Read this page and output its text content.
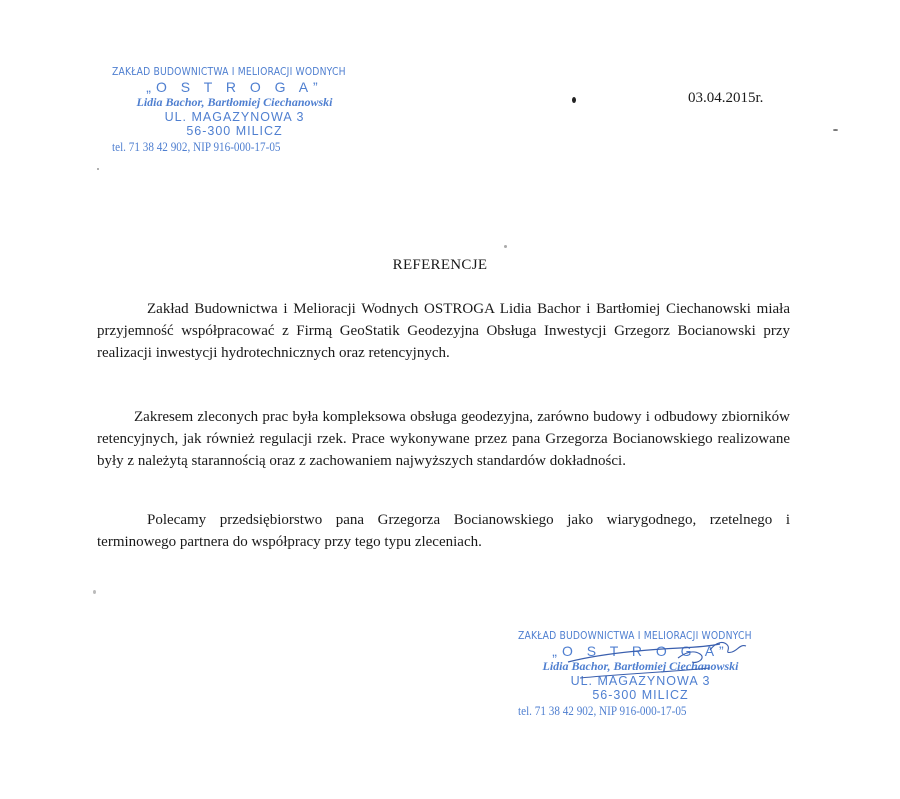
ZAKŁAD BUDOWNICTWA I MELIORACJI WODNYCH
„O S T R O G A”
Lidia Bachor, Bartłomiej Ciechanowski
UL. MAGAZYNOWA 3
56-300 MILICZ
tel. 71 38 42 902, NIP 916-000-17-05
03.04.2015r.
REFERENCJE
Zakład Budownictwa i Melioracji Wodnych OSTROGA Lidia Bachor i Bartłomiej Ciechanowski miała przyjemność współpracować z Firmą GeoStatik Geodezyjna Obsługa Inwestycji Grzegorz Bocianowski przy realizacji inwestycji hydrotechnicznych oraz retencyjnych.
Zakresem zleconych prac była kompleksowa obsługa geodezyjna, zarówno budowy i odbudowy zbiorników retencyjnych, jak również regulacji rzek. Prace wykonywane przez pana Grzegorza Bocianowskiego realizowane były z należytą starannością oraz z zachowaniem najwyższych standardów dokładności.
Polecamy przedsiębiorstwo pana Grzegorza Bocianowskiego jako wiarygodnego, rzetelnego i terminowego partnera do współpracy przy tego typu zleceniach.
ZAKŁAD BUDOWNICTWA I MELIORACJI WODNYCH
„O S T R O G A”
Lidia Bachor, Bartłomiej Ciechanowski
UL. MAGAZYNOWA 3
56-300 MILICZ
tel. 71 38 42 902, NIP 916-000-17-05
